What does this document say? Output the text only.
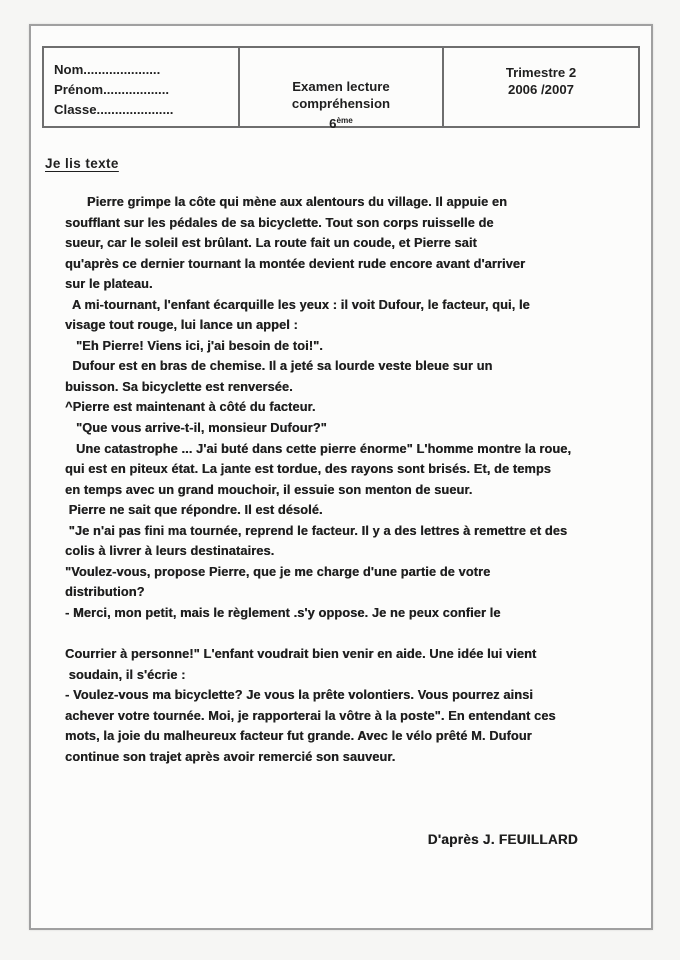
Nom.....................
Prénom..................
Classe.....................
Examen lecture
compréhension
6ème
Trimestre 2
2006 /2007
Je lis texte

Pierre grimpe la côte qui mène aux alentours du village. Il appuie en

soufflant sur les pédales de sa bicyclette. Tout son corps ruisselle de

sueur, car le soleil est brûlant. La route fait un coude, et Pierre sait

qu'après ce dernier tournant la montée devient rude encore avant d'arriver

sur le plateau.

A mi-tournant, l'enfant écarquille les yeux : il voit Dufour, le facteur, qui, le

visage tout rouge, lui lance un appel :

"Eh Pierre! Viens ici, j'ai besoin de toi!".

Dufour est en bras de chemise. Il a jeté sa lourde veste bleue sur un

buisson. Sa bicyclette est renversée.

^Pierre est maintenant à côté du facteur.

"Que vous arrive-t-il, monsieur Dufour?"

Une catastrophe ... J'ai buté dans cette pierre énorme" L'homme montre la roue,

qui est en piteux état. La jante est tordue, des rayons sont brisés. Et, de temps

en temps avec un grand mouchoir, il essuie son menton de sueur.

Pierre ne sait que répondre. Il est désolé.

"Je n'ai pas fini ma tournée, reprend le facteur. Il y a des lettres à remettre et des

colis à livrer à leurs destinataires.

"Voulez-vous, propose Pierre, que je me charge d'une partie de votre

distribution?

- Merci, mon petit, mais le règlement .s'y oppose. Je ne peux confier le

Courrier à personne!" L'enfant voudrait bien venir en aide. Une idée lui vient

soudain, il s'écrie :

- Voulez-vous ma bicyclette? Je vous la prête volontiers. Vous pourrez ainsi

achever votre tournée. Moi, je rapporterai la vôtre à la poste". En entendant ces

mots, la joie du malheureux facteur fut grande. Avec le vélo prêté M. Dufour

continue son trajet après avoir remercié son sauveur.

D'après J. FEUILLARD
